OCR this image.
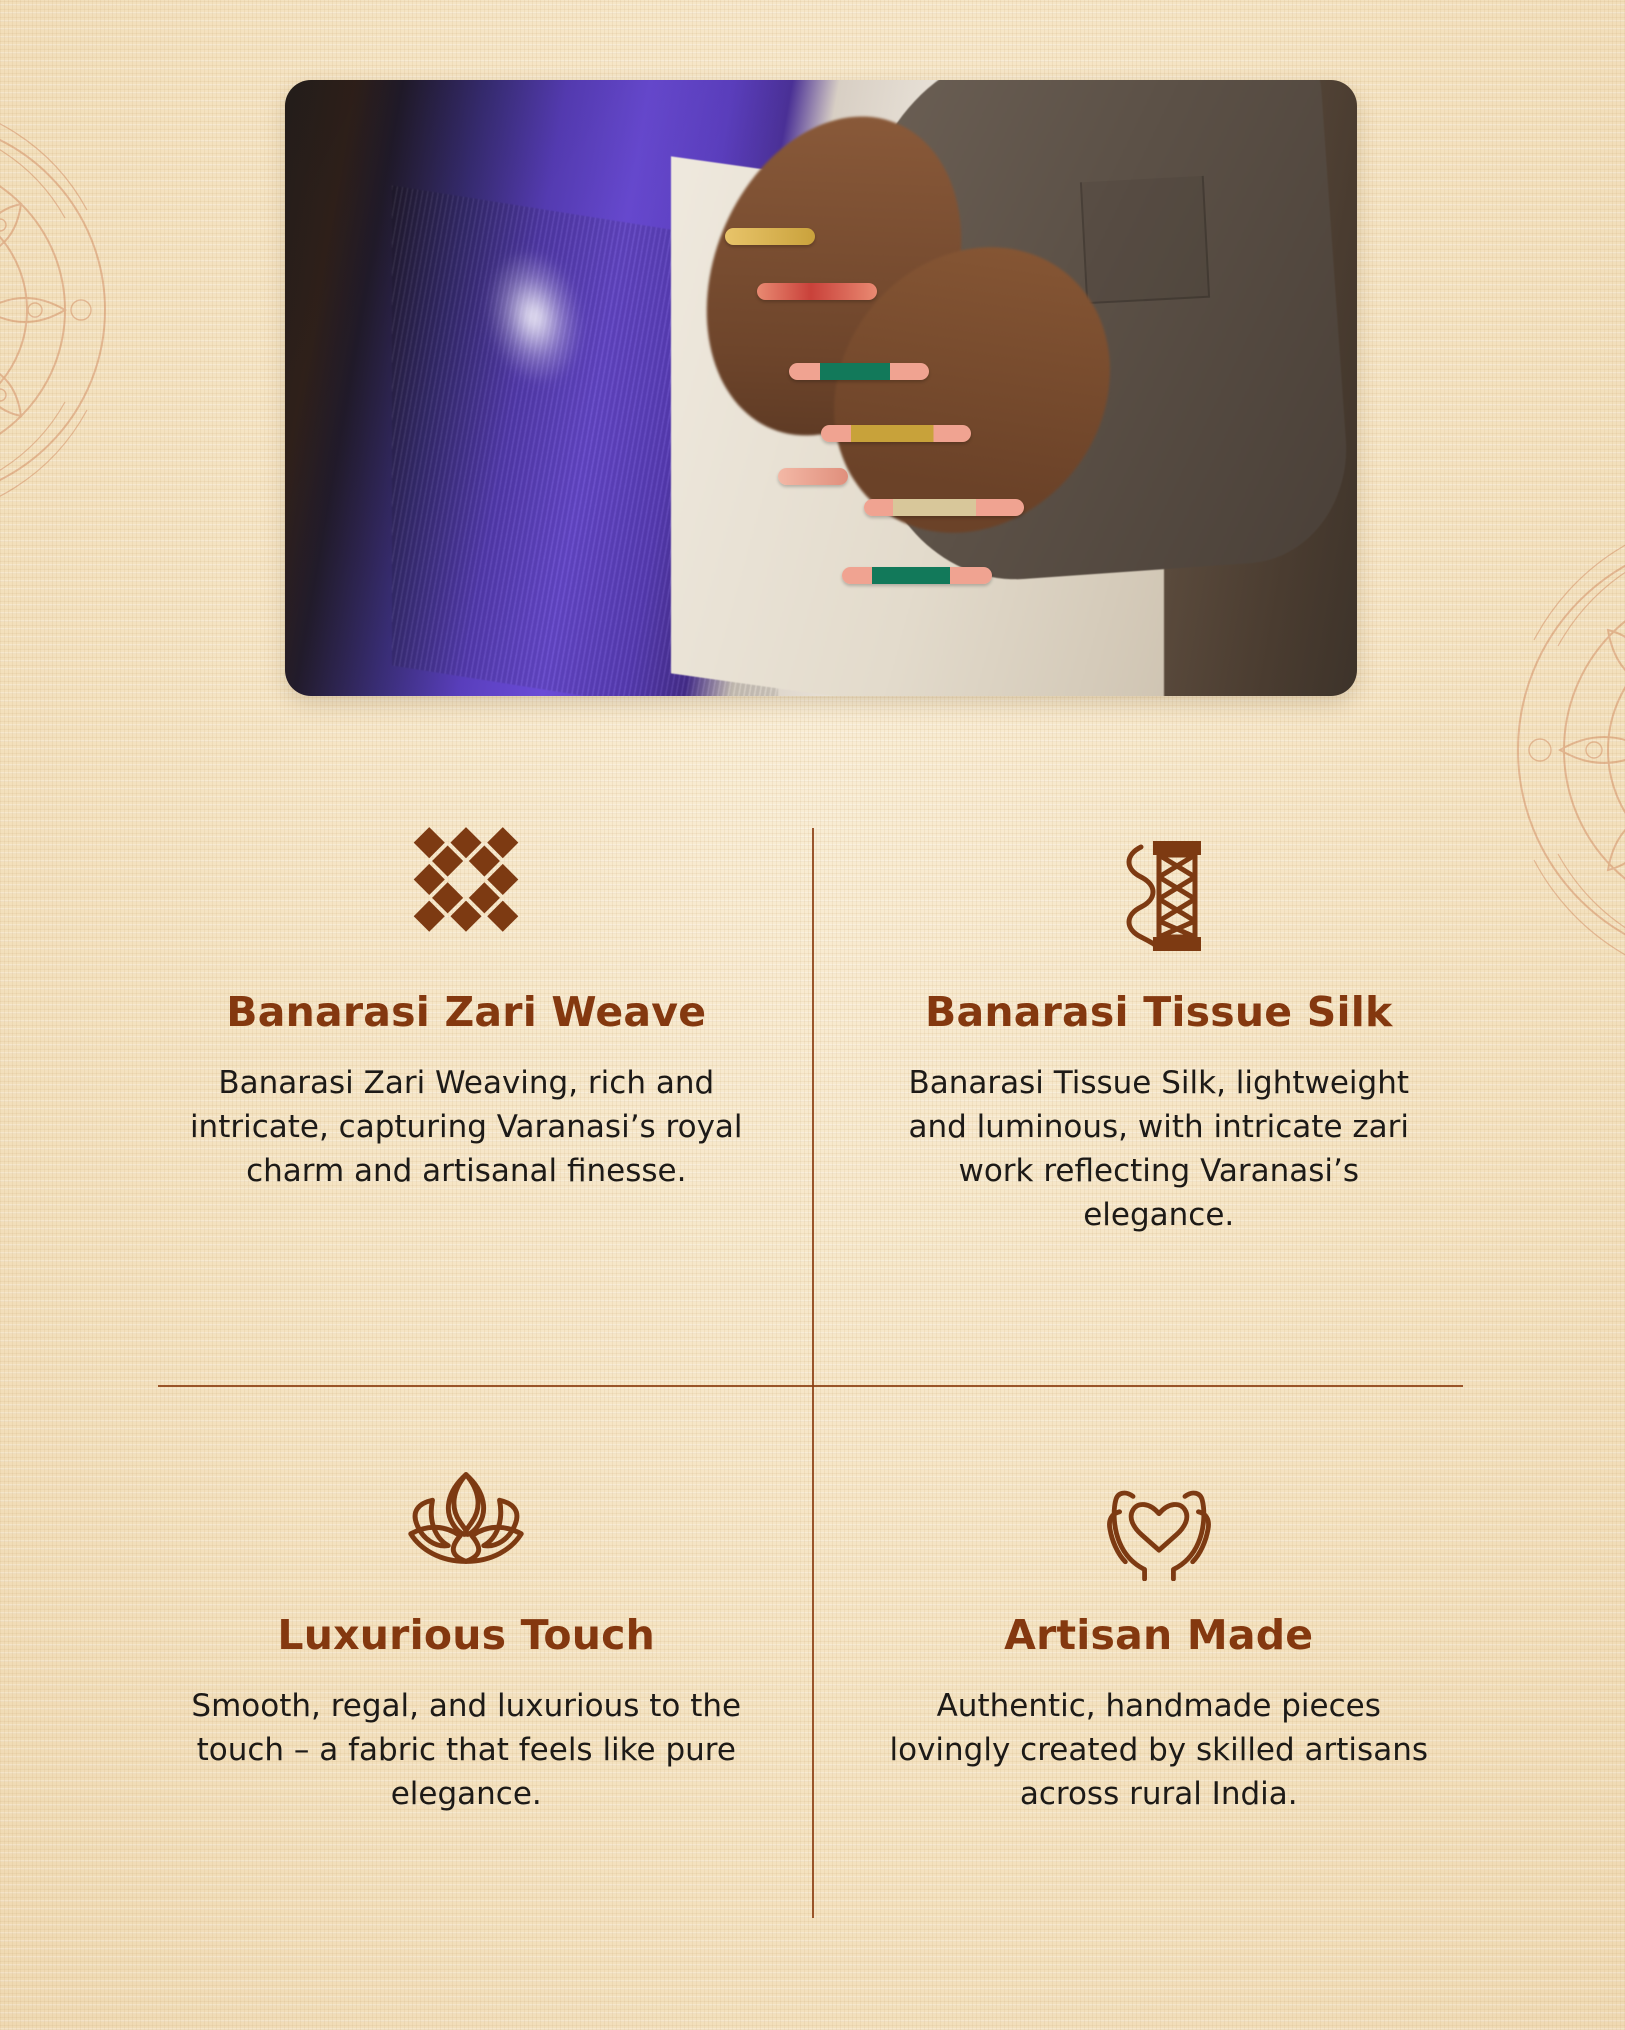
Banarasi Zari Weave

Banarasi Zari Weaving, rich and intricate, capturing Varanasi’s royal charm and artisanal finesse.

Banarasi Tissue Silk

Banarasi Tissue Silk, lightweight and luminous, with intricate zari work reflecting Varanasi’s elegance.

Luxurious Touch

Smooth, regal, and luxurious to the touch – a fabric that feels like pure elegance.

Artisan Made

Authentic, handmade pieces lovingly created by skilled artisans across rural India.
